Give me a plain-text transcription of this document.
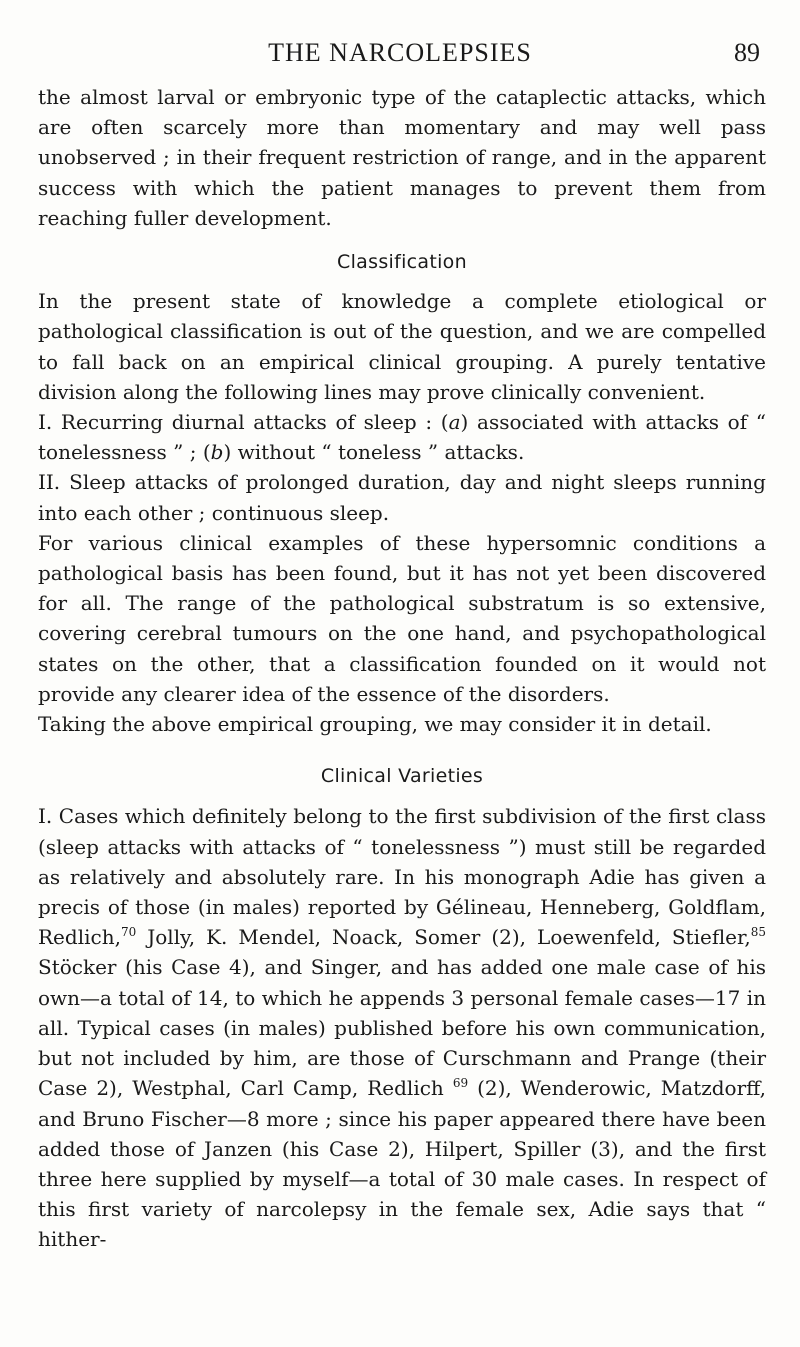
THE NARCOLEPSIES	89

the almost larval or embryonic type of the cataplectic attacks, which are often scarcely more than momentary and may well pass unobserved ; in their frequent restriction of range, and in the apparent success with which the patient manages to prevent them from reaching fuller development.

Classification

In the present state of knowledge a complete etiological or pathological classification is out of the question, and we are compelled to fall back on an empirical clinical grouping. A purely tentative division along the following lines may prove clinically convenient.

I. Recurring diurnal attacks of sleep : (a) associated with attacks of “ tonelessness ” ; (b) without “ toneless ” attacks.

II. Sleep attacks of prolonged duration, day and night sleeps running into each other ; continuous sleep.

For various clinical examples of these hypersomnic conditions a pathological basis has been found, but it has not yet been discovered for all. The range of the pathological substratum is so extensive, covering cerebral tumours on the one hand, and psychopathological states on the other, that a classification founded on it would not provide any clearer idea of the essence of the disorders.

Taking the above empirical grouping, we may consider it in detail.

Clinical Varieties

I. Cases which definitely belong to the first subdivision of the first class (sleep attacks with attacks of “ tonelessness ”) must still be regarded as relatively and absolutely rare. In his monograph Adie has given a precis of those (in males) reported by Gélineau, Henneberg, Goldflam, Redlich,$^{70}$ Jolly, K. Mendel, Noack, Somer (2), Loewenfeld, Stiefler,$^{85}$ Stöcker (his Case 4), and Singer, and has added one male case of his own—a total of 14, to which he appends 3 personal female cases—17 in all. Typical cases (in males) published before his own communication, but not included by him, are those of Curschmann and Prange (their Case 2), Westphal, Carl Camp, Redlich $^{69}$ (2), Wenderowic, Matzdorff, and Bruno Fischer—8 more ; since his paper appeared there have been added those of Janzen (his Case 2), Hilpert, Spiller (3), and the first three here supplied by myself—a total of 30 male cases. In respect of this first variety of narcolepsy in the female sex, Adie says that “ hither-
